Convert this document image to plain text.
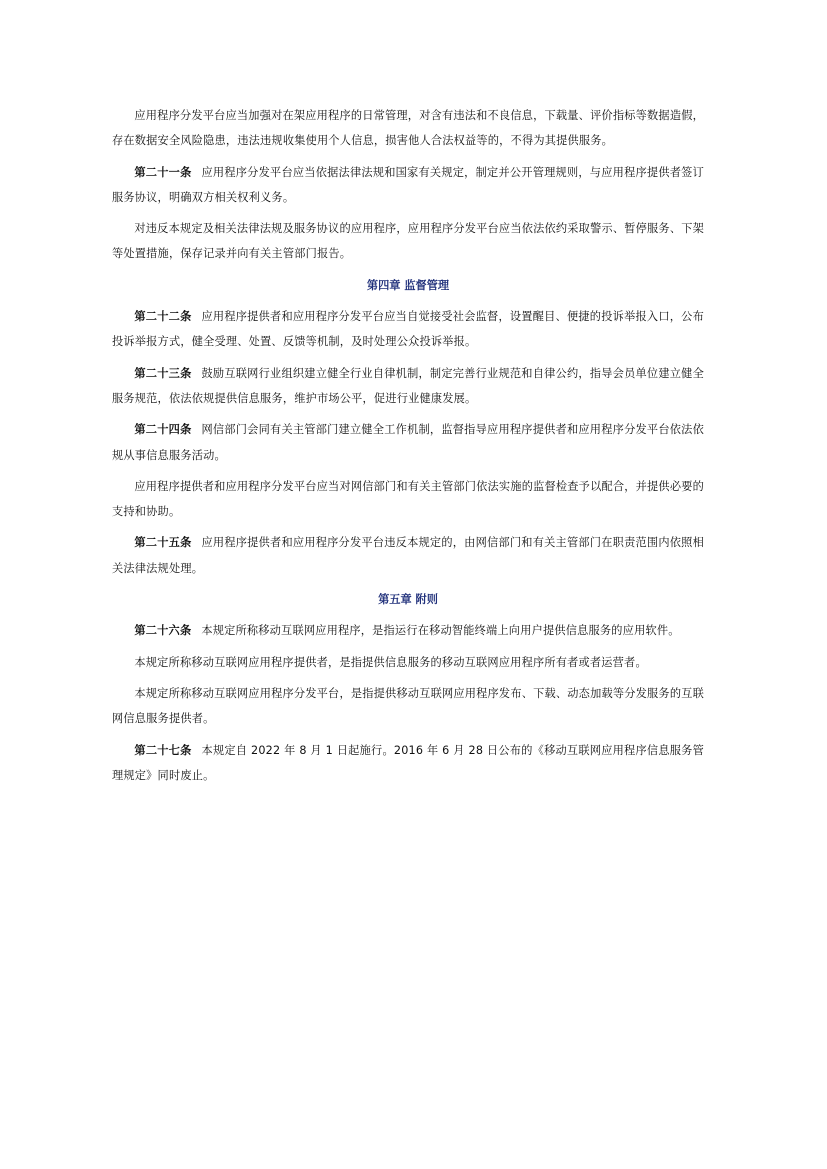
应用程序分发平台应当加强对在架应用程序的日常管理，对含有违法和不良信息，下载量、评价指标等数据造假，存在数据安全风险隐患，违法违规收集使用个人信息，损害他人合法权益等的，不得为其提供服务。

第二十一条 应用程序分发平台应当依据法律法规和国家有关规定，制定并公开管理规则，与应用程序提供者签订服务协议，明确双方相关权利义务。

对违反本规定及相关法律法规及服务协议的应用程序，应用程序分发平台应当依法依约采取警示、暂停服务、下架等处置措施，保存记录并向有关主管部门报告。

第四章 监督管理

第二十二条 应用程序提供者和应用程序分发平台应当自觉接受社会监督，设置醒目、便捷的投诉举报入口，公布投诉举报方式，健全受理、处置、反馈等机制，及时处理公众投诉举报。

第二十三条 鼓励互联网行业组织建立健全行业自律机制，制定完善行业规范和自律公约，指导会员单位建立健全服务规范，依法依规提供信息服务，维护市场公平，促进行业健康发展。

第二十四条 网信部门会同有关主管部门建立健全工作机制，监督指导应用程序提供者和应用程序分发平台依法依规从事信息服务活动。

应用程序提供者和应用程序分发平台应当对网信部门和有关主管部门依法实施的监督检查予以配合，并提供必要的支持和协助。

第二十五条 应用程序提供者和应用程序分发平台违反本规定的，由网信部门和有关主管部门在职责范围内依照相关法律法规处理。

第五章 附则

第二十六条 本规定所称移动互联网应用程序，是指运行在移动智能终端上向用户提供信息服务的应用软件。

本规定所称移动互联网应用程序提供者，是指提供信息服务的移动互联网应用程序所有者或者运营者。

本规定所称移动互联网应用程序分发平台，是指提供移动互联网应用程序发布、下载、动态加载等分发服务的互联网信息服务提供者。

第二十七条 本规定自 2022 年 8 月 1 日起施行。2016 年 6 月 28 日公布的《移动互联网应用程序信息服务管理规定》同时废止。
